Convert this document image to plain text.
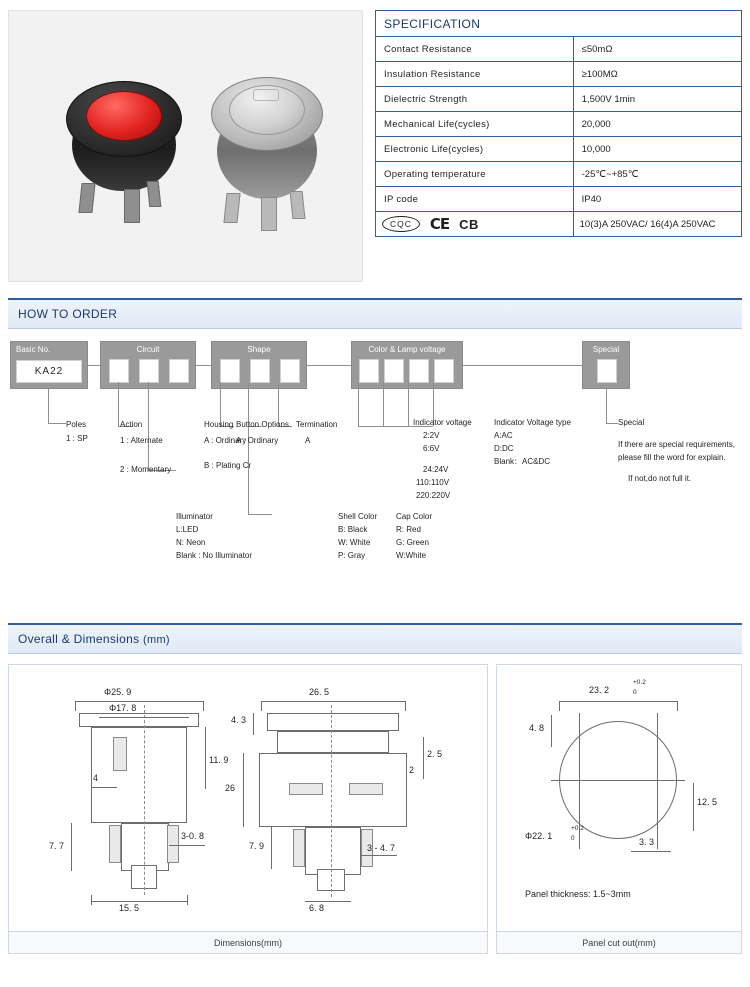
SPECIFICATION
Contact Resistance	≤50mΩ
Insulation Resistance	≥100MΩ
Dielectric Strength	1,500V 1min
Mechanical Life(cycles)	20,000
Electronic Life(cycles)	10,000
Operating temperature	-25℃~+85℃
IP code	IP40

CQC CE CB	10(3)A 250VAC/ 16(4)A 250VAC
HOW TO ORDER
Basic No.
KA22
Circuit	Shape	Color & Lamp voltage	Special
Poles
1 : SP
Action
1 : Alternate
2 : Momentary
Illuminator
L:LED
N: Neon
Blank : No Illuminator
Housing
A : Ordinary
B : Plating Cr
Button Options
A : Ordinary
Termination
A
Shell Color
B: Black
W: White
P: Gray
Indicator voltage
2:2V
6:6V
24:24V
110:110V
220:220V
Cap Color
R: Red
G: Green
W:White
Indicator Voltage type
A:AC
D:DC
Blank：AC&DC
Special
If there are special requirements,
please fill the word for explain.
If not,do not full it.
Overall & Dimensions (mm)
Φ25. 9
Φ17. 8
11. 9
4
7. 7
3-0. 8
15. 5
26. 5
4. 3
2. 5
2
26
7. 9	3 - 4. 7
6. 8
Dimensions(mm)
23. 2
+0.2
0
4. 8
12. 5
3. 3
Φ22. 1
+0.2
0
Panel thickness: 1.5~3mm
Panel cut out(mm)
